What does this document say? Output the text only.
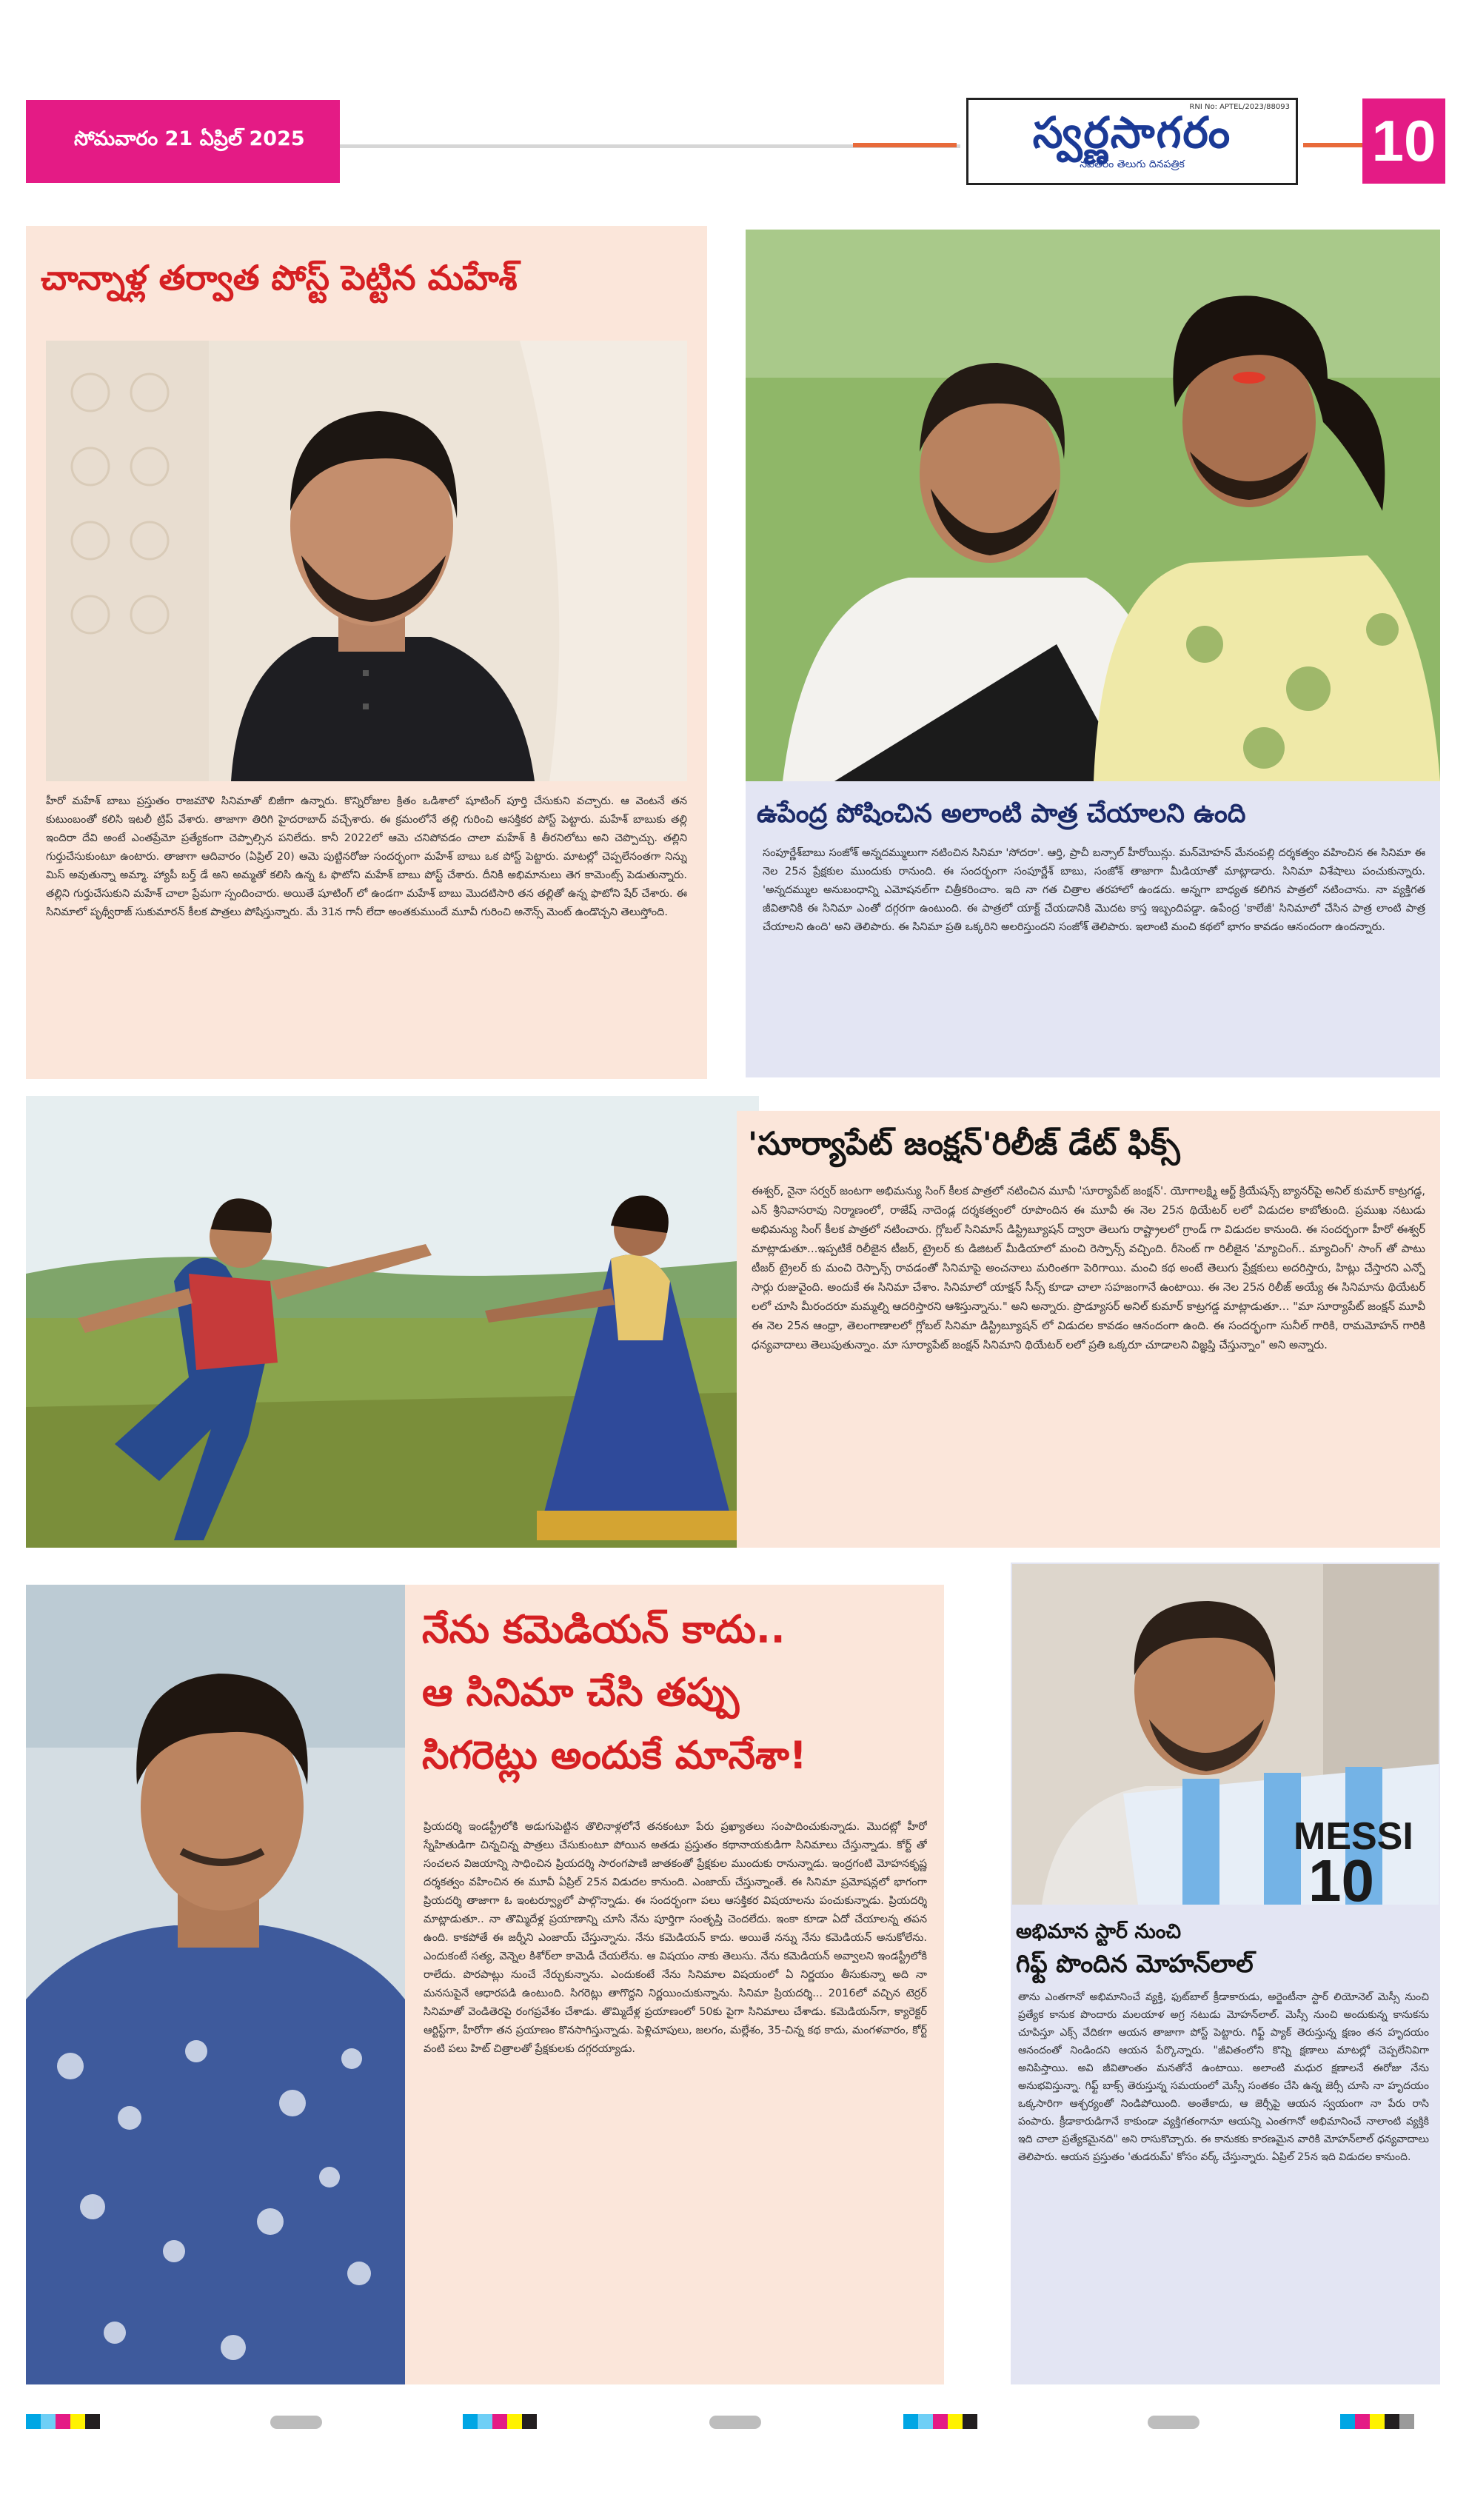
సోమవారం 21 ఏప్రిల్ 2025
RNI No: APTEL/2023/88093
స్వర్ణసాగరం
నవతరం తెలుగు దినపత్రిక	10
చాన్నాళ్ల తర్వాత పోస్ట్ పెట్టిన మహేశ్
హీరో మహేశ్ బాబు ప్రస్తుతం రాజమౌళి సినిమాతో బిజీగా ఉన్నారు. కొన్నిరోజుల క్రితం ఒడిశాలో షూటింగ్ పూర్తి చేసుకుని వచ్చారు. ఆ వెంటనే తన కుటుంబంతో కలిసి ఇటలీ ట్రిప్ వేశారు. తాజాగా తిరిగి హైదరాబాద్ వచ్చేశారు. ఈ క్రమంలోనే తల్లి గురించి ఆసక్తికర పోస్ట్ పెట్టారు. మహేశ్ బాబుకు తల్లి ఇందిరా దేవి అంటే ఎంతప్రేమో ప్రత్యేకంగా చెప్పాల్సిన పనిలేదు. కానీ 2022లో ఆమె చనిపోవడం చాలా మహేశ్ కి తీరనిలోటు అని చెప్పొచ్చు. తల్లిని గుర్తుచేసుకుంటూ ఉంటారు. తాజాగా ఆదివారం (ఏప్రిల్ 20) ఆమె పుట్టినరోజు సందర్భంగా మహేశ్ బాబు ఒక పోస్ట్ పెట్టారు. మాటల్లో చెప్పలేనంతగా నిన్ను మిస్ అవుతున్నా అమ్మా. హ్యాపీ బర్త్ డే అని అమ్మతో కలిసి ఉన్న ఓ ఫొటోని మహేశ్ బాబు పోస్ట్ చేశారు. దీనికి అభిమానులు తెగ కామెంట్స్ పెడుతున్నారు. తల్లిని గుర్తుచేసుకుని మహేశ్ చాలా ప్రేమగా స్పందించారు. అయితే షూటింగ్ లో ఉండగా మహేశ్ బాబు మొదటిసారి తన తల్లితో ఉన్న ఫొటోని షేర్ చేశారు. ఈ సినిమాలో పృథ్వీరాజ్ సుకుమారన్ కీలక పాత్రలు పోషిస్తున్నారు. మే 31న గానీ లేదా అంతకుముందే మూవీ గురించి అనౌన్స్ మెంట్ ఉండొచ్చని తెలుస్తోంది.
ఉపేంద్ర పోషించిన అలాంటి పాత్ర చేయాలని ఉంది
సంపూర్ణేశ్‌బాబు సంజోశ్ అన్నదమ్ములుగా నటించిన సినిమా 'సోదరా'. ఆర్తి, ప్రాచీ బన్సాల్ హీరోయిన్లు. మన్‌మోహన్ మేనంపల్లి దర్శకత్వం వహించిన ఈ సినిమా ఈ నెల 25న ప్రేక్షకుల ముందుకు రానుంది. ఈ సందర్భంగా సంపూర్ణేశ్ బాబు, సంజోశ్ తాజాగా మీడియాతో మాట్లాడారు. సినిమా విశేషాలు పంచుకున్నారు. 'అన్నదమ్ముల అనుబంధాన్ని ఎమోషనల్‌గా చిత్రీకరించాం. ఇది నా గత చిత్రాల తరహాలో ఉండదు. అన్నగా బాధ్యత కలిగిన పాత్రలో నటించాను. నా వ్యక్తిగత జీవితానికి ఈ సినిమా ఎంతో దగ్గరగా ఉంటుంది. ఈ పాత్రలో యాక్ట్ చేయడానికి మొదట కాస్త ఇబ్బందిపడ్డా. ఉపేంద్ర 'కాలేజీ' సినిమాలో చేసిన పాత్ర లాంటి పాత్ర చేయాలని ఉంది' అని తెలిపారు. ఈ సినిమా ప్రతి ఒక్కరిని అలరిస్తుందని సంజోశ్ తెలిపారు. ఇలాంటి మంచి కథలో భాగం కావడం ఆనందంగా ఉందన్నారు.
'సూర్యాపేట్ జంక్షన్'రిలీజ్ డేట్ ఫిక్స్
ఈశ్వర్, నైనా సర్వర్ జంటగా అభిమన్యు సింగ్ కీలక పాత్రలో నటించిన మూవీ 'సూర్యాపేట్ జంక్షన్'. యోగాలక్ష్మి ఆర్ట్ క్రియేషన్స్ బ్యానర్‌పై అనిల్ కుమార్ కాట్రగడ్డ, ఎన్ శ్రీనివాసరావు నిర్మాణంలో, రాజేష్ నాదెండ్ల దర్శకత్వంలో రూపొందిన ఈ మూవీ ఈ నెల 25న థియేటర్ లలో విడుదల కాబోతుంది. ప్రముఖ నటుడు అభిమన్యు సింగ్ కీలక పాత్రలో నటించారు. గ్లోబల్ సినిమాస్ డిస్ట్రిబ్యూషన్ ద్వారా తెలుగు రాష్ట్రాలలో గ్రాండ్ గా విడుదల కానుంది. ఈ సందర్భంగా హీరో ఈశ్వర్ మాట్లాడుతూ...ఇప్పటికే రిలీజైన టీజర్, ట్రైలర్ కు డిజిటల్ మీడియాలో మంచి రెస్పాన్స్ వచ్చింది. రీసెంట్ గా రిలీజైన 'మ్యాచింగ్.. మ్యాచింగ్' సాంగ్ తో పాటు టీజర్ ట్రైలర్ కు మంచి రెస్పాన్స్ రావడంతో సినిమాపై అంచనాలు మరింతగా పెరిగాయి. మంచి కథ అంటే తెలుగు ప్రేక్షకులు అదరిస్తారు, హిట్లు చేస్తారని ఎన్నో సార్లు రుజువైంది. అందుకే ఈ సినిమా చేశాం. సినిమాలో యాక్షన్ సీన్స్ కూడా చాలా సహజంగానే ఉంటాయి. ఈ నెల 25న రిలీజ్ అయ్యే ఈ సినిమాను థియేటర్ లలో చూసి మీరందరూ మమ్మల్ని ఆదరిస్తారని ఆశిస్తున్నాను." అని అన్నారు. ప్రొడ్యూసర్ అనిల్ కుమార్ కాట్రగడ్డ మాట్లాడుతూ... "మా సూర్యాపేట్ జంక్షన్ మూవీ ఈ నెల 25న ఆంధ్రా, తెలంగాణాలలో గ్లోబల్ సినిమా డిస్ట్రిబ్యూషన్ లో విడుదల కావడం ఆనందంగా ఉంది. ఈ సందర్భంగా సునీల్ గారికి, రామమోహన్ గారికి ధన్యవాదాలు తెలుపుతున్నాం. మా సూర్యాపేట్ జంక్షన్ సినిమాని థియేటర్ లలో ప్రతి ఒక్కరూ చూడాలని విజ్ఞప్తి చేస్తున్నాం" అని అన్నారు.
నేను కమెడియన్ కాదు..
ఆ సినిమా చేసి తప్పు
సిగరెట్లు అందుకే మానేశా!
ప్రియదర్శి ఇండస్ట్రీలోకి అడుగుపెట్టిన తొలినాళ్లలోనే తనకంటూ పేరు ప్రఖ్యాతలు సంపాదించుకున్నాడు. మొదట్లో హీరో స్నేహితుడిగా చిన్నచిన్న పాత్రలు చేసుకుంటూ పోయిన అతడు ప్రస్తుతం కథానాయకుడిగా సినిమాలు చేస్తున్నాడు. కోర్ట్ తో సంచలన విజయాన్ని సాధించిన ప్రియదర్శి సారంగపాణి జాతకంతో ప్రేక్షకుల ముందుకు రానున్నాడు. ఇంద్రగంటి మోహనకృష్ణ దర్శకత్వం వహించిన ఈ మూవీ ఏప్రిల్ 25న విడుదల కానుంది. ఎంజాయ్ చేస్తున్నాంతే. ఈ సినిమా ప్రమోషన్లలో భాగంగా ప్రియదర్శి తాజాగా ఓ ఇంటర్వ్యూలో పాల్గొన్నాడు. ఈ సందర్భంగా పలు ఆసక్తికర విషయాలను పంచుకున్నాడు. ప్రియదర్శి మాట్లాడుతూ.. నా తొమ్మిదేళ్ల ప్రయాణాన్ని చూసి నేను పూర్తిగా సంతృప్తి చెందలేదు. ఇంకా కూడా ఏదో చేయాలన్న తపన ఉంది. కాకపోతే ఈ జర్నీని ఎంజాయ్ చేస్తున్నాను. నేను కమెడియన్ కాదు. అయితే నన్ను నేను కమెడియన్ అనుకోలేను. ఎందుకంటే సత్య, వెన్నెల కిశోర్‌లా కామెడీ చేయలేను. ఆ విషయం నాకు తెలుసు. నేను కమెడియన్ అవ్వాలని ఇండస్ట్రీలోకి రాలేదు. పొరపాట్లు నుంచే నేర్చుకున్నాను. ఎందుకంటే నేను సినిమాల విషయంలో ఏ నిర్ణయం తీసుకున్నా అది నా మనసుపైనే ఆధారపడి ఉంటుంది. సిగరెట్లు తాగొద్దని నిర్ణయించుకున్నాను. సినిమా ప్రియదర్శి... 2016లో వచ్చిన టెర్రర్ సినిమాతో వెండితెరపై రంగప్రవేశం చేశాడు. తొమ్మిదేళ్ల ప్రయాణంలో 50కు పైగా సినిమాలు చేశాడు. కమెడియన్‌గా, క్యారెక్టర్ ఆర్టిస్ట్‌గా, హీరోగా తన ప్రయాణం కొనసాగిస్తున్నాడు. పెళ్లిచూపులు, జలగం, మల్లేశం, 35-చిన్న కథ కాదు, మంగళవారం, కోర్ట్ వంటి పలు హిట్ చిత్రాలతో ప్రేక్షకులకు దగ్గరయ్యాడు.
MESSI
10
అభిమాన స్టార్ నుంచి
గిఫ్ట్ పొందిన మోహన్‌లాల్
తాను ఎంతగానో అభిమానించే వ్యక్తి, ఫుట్‌బాల్ క్రీడాకారుడు, అర్జెంటీనా స్టార్ లియోనెల్ మెస్సీ నుంచి ప్రత్యేక కానుక పొందారు మలయాళ అగ్ర నటుడు మోహన్‌లాల్. మెస్సీ నుంచి అందుకున్న కానుకను చూపిస్తూ ఎక్స్ వేదికగా ఆయన తాజాగా పోస్ట్ పెట్టారు. గిఫ్ట్ ప్యాక్ తెరుస్తున్న క్షణం తన హృదయం ఆనందంతో నిండిందని ఆయన పేర్కొన్నారు. "జీవితంలోని కొన్ని క్షణాలు మాటల్లో చెప్పలేనివిగా అనిపిస్తాయి. అవి జీవితాంతం మనతోనే ఉంటాయి. అలాంటి మధుర క్షణాలనే ఈరోజు నేను అనుభవిస్తున్నా. గిఫ్ట్ బాక్స్ తెరుస్తున్న సమయంలో మెస్సీ సంతకం చేసి ఉన్న జెర్సీ చూసి నా హృదయం ఒక్కసారిగా ఆశ్చర్యంతో నిండిపోయింది. అంతేకాదు, ఆ జెర్సీపై ఆయన స్వయంగా నా పేరు రాసి పంపారు. క్రీడాకారుడిగానే కాకుండా వ్యక్తిగతంగానూ ఆయన్ని ఎంతగానో అభిమానించే నాలాంటి వ్యక్తికి ఇది చాలా ప్రత్యేకమైనది" అని రాసుకొచ్చారు. ఈ కానుకకు కారణమైన వారికి మోహన్‌లాల్ ధన్యవాదాలు తెలిపారు. ఆయన ప్రస్తుతం 'తుడరుమ్' కోసం వర్క్ చేస్తున్నారు. ఏప్రిల్ 25న ఇది విడుదల కానుంది.
